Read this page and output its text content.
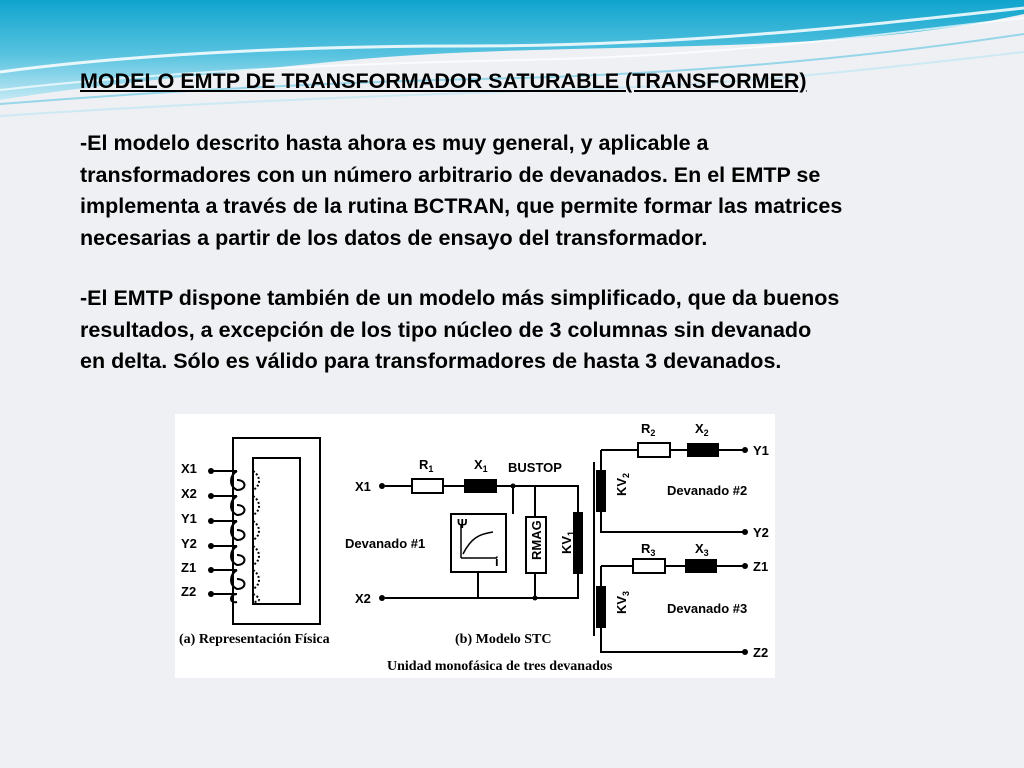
MODELO EMTP DE TRANSFORMADOR SATURABLE (TRANSFORMER)
-El modelo descrito hasta ahora es muy general, y aplicable a
transformadores con un número arbitrario de devanados. En el EMTP se
implementa a través de la rutina BCTRAN, que permite formar las matrices
necesarias a partir de los datos de ensayo del transformador.
-El EMTP dispone también de un modelo más simplificado, que da buenos
resultados, a excepción de los tipo núcleo de 3 columnas sin devanado
en delta. Sólo es válido para transformadores de hasta 3 devanados.
X1
X2
Y1
Y2
Z1
Z2
X1
X2
$R_1$	$X_1$ BUSTOP
Devanado #1
Ψ
i
RMAG $KV_1$
$KV_2$
$KV_3$
$R_2$	$X_2$
$R_3$	$X_3$
Y1
Y2
Z1
Z2
Devanado #2
Devanado #3
(a) Representación Física	(b) Modelo STC
Unidad monofásica de tres devanados
